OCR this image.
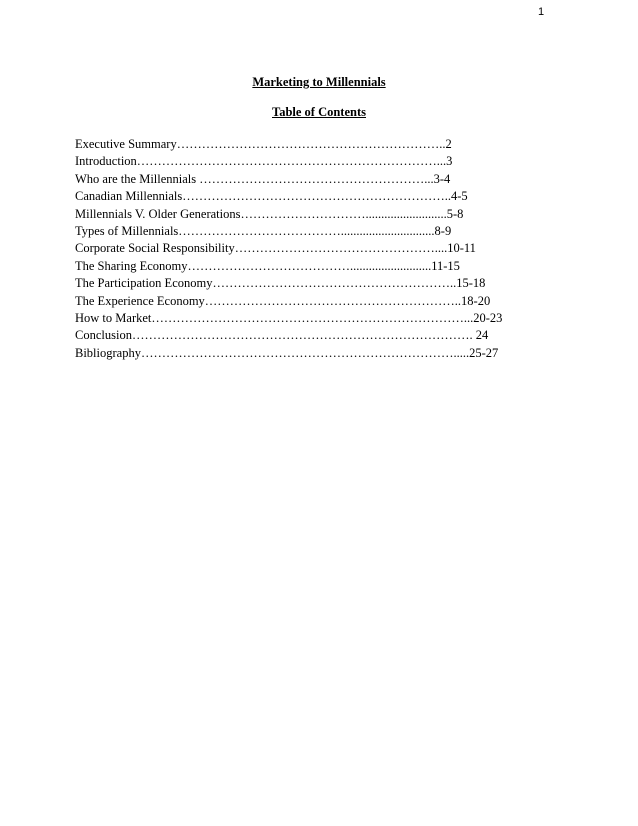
1
Marketing to Millennials
Table of Contents
Executive Summary………………………………………………………..2
Introduction………………………………………………………………...3
Who are the Millennials ………………………………………………...3-4
Canadian Millennials………………………………………………………..4-5
Millennials V. Older Generations…………………………..........................5-8
Types of Millennials…………………………………..............................8-9
Corporate Social Responsibility…………………………………………....10-11
The Sharing Economy…………………………………..........................11-15
The Participation Economy…………………………………………………..15-18
The Experience Economy……………………………………………………..18-20
How to Market…………………………………………………………………...20-23
Conclusion………………………………………………………………………. 24
Bibliography………………………………………………………………….....25-27
